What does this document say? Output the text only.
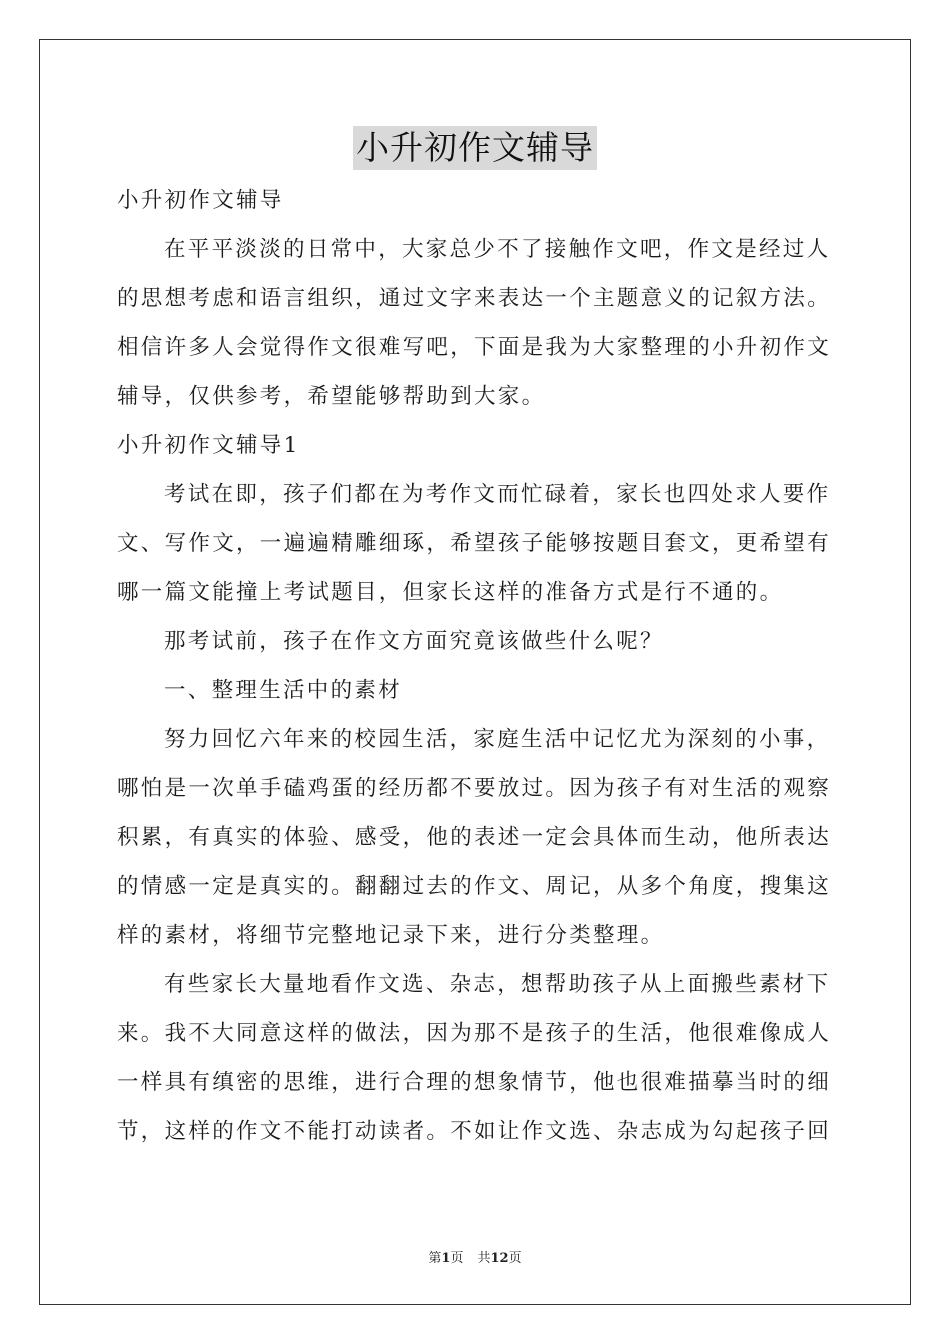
小升初作文辅导

小升初作文辅导

在平平淡淡的日常中，大家总少不了接触作文吧，作文是经过人

的思想考虑和语言组织，通过文字来表达一个主题意义的记叙方法。

相信许多人会觉得作文很难写吧，下面是我为大家整理的小升初作文

辅导，仅供参考，希望能够帮助到大家。

小升初作文辅导1

考试在即，孩子们都在为考作文而忙碌着，家长也四处求人要作

文、写作文，一遍遍精雕细琢，希望孩子能够按题目套文，更希望有

哪一篇文能撞上考试题目，但家长这样的准备方式是行不通的。

那考试前，孩子在作文方面究竟该做些什么呢？

一、整理生活中的素材

努力回忆六年来的校园生活，家庭生活中记忆尤为深刻的小事，

哪怕是一次单手磕鸡蛋的经历都不要放过。因为孩子有对生活的观察

积累，有真实的体验、感受，他的表述一定会具体而生动，他所表达

的情感一定是真实的。翻翻过去的作文、周记，从多个角度，搜集这

样的素材，将细节完整地记录下来，进行分类整理。

有些家长大量地看作文选、杂志，想帮助孩子从上面搬些素材下

来。我不大同意这样的做法，因为那不是孩子的生活，他很难像成人

一样具有缜密的思维，进行合理的想象情节，他也很难描摹当时的细

节，这样的作文不能打动读者。不如让作文选、杂志成为勾起孩子回

第1页 共12页
